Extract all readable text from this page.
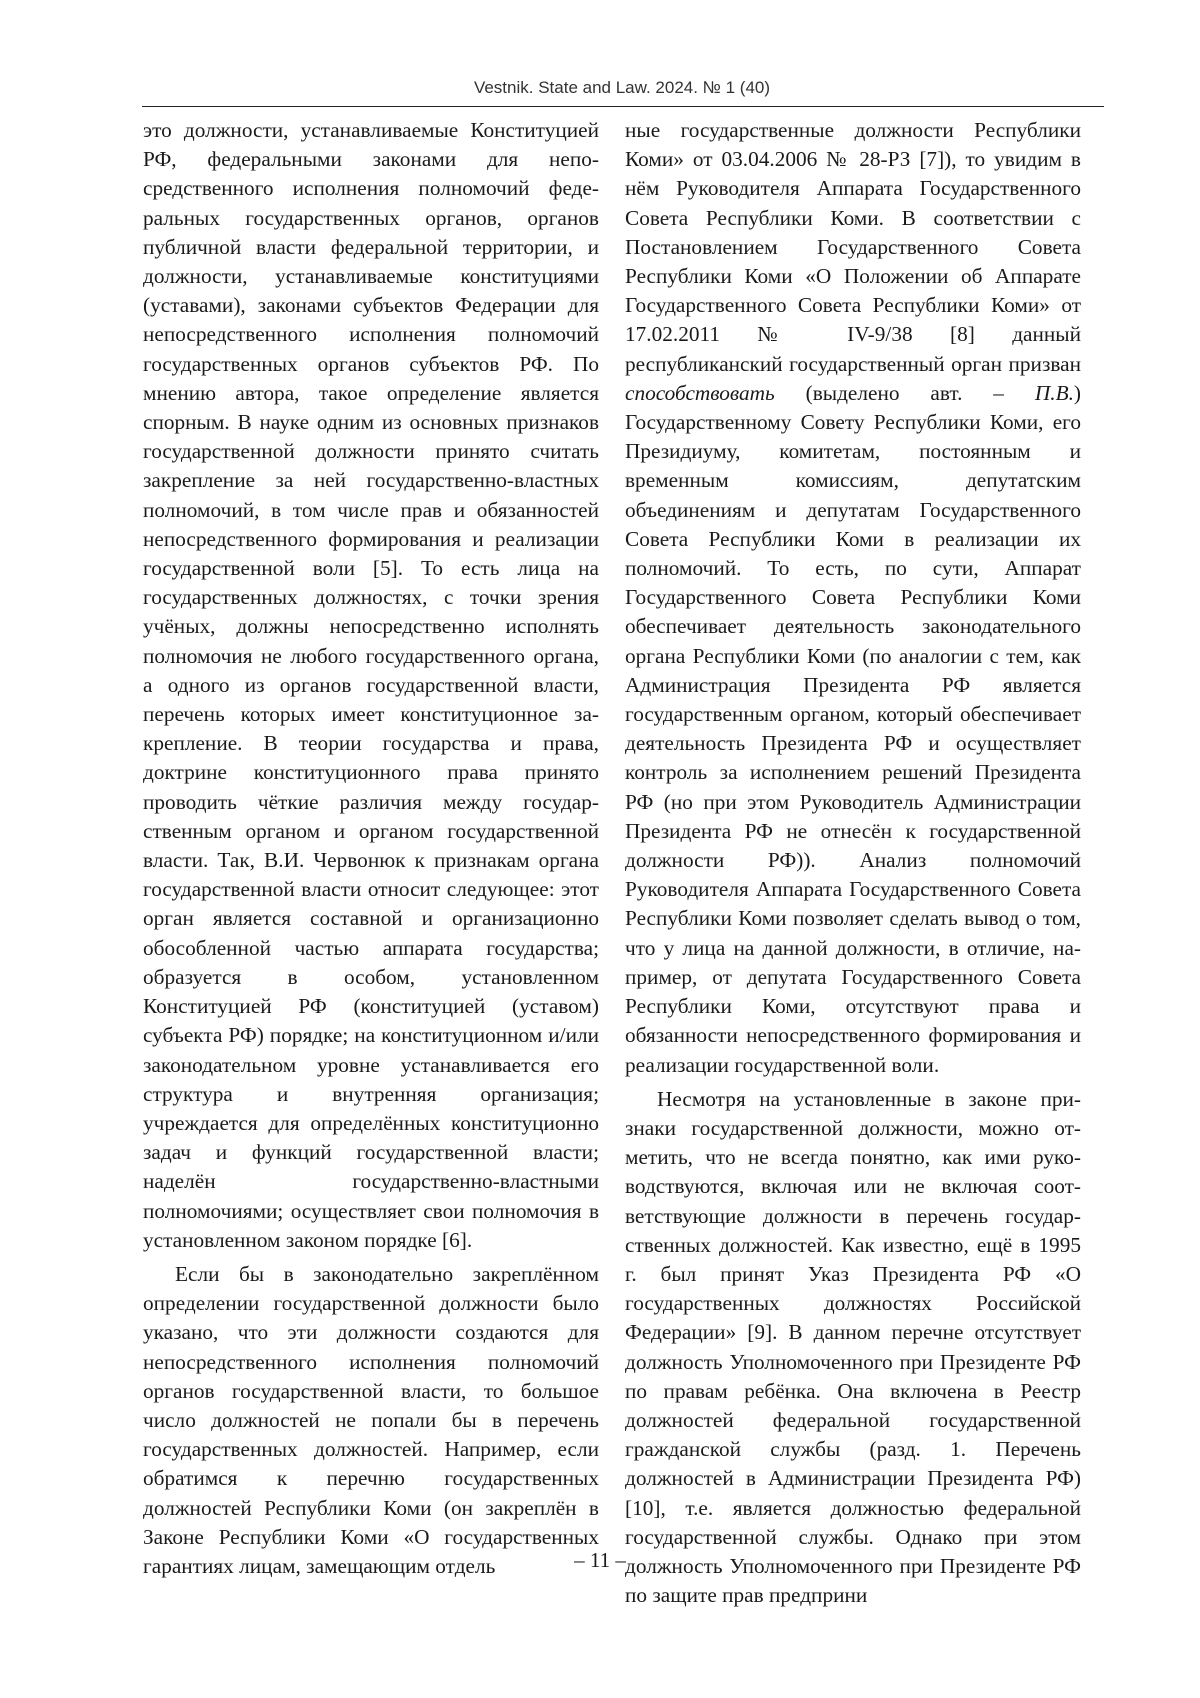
Vestnik. State and Law. 2024. № 1 (40)

это должности, устанавливаемые Конституцией РФ, федеральными законами для непосредственного исполнения полномочий федеральных государственных органов, органов публичной власти федеральной территории, и должности, устанавливаемые конституциями (уставами), законами субъектов Федерации для непосредственного исполнения полномочий государственных органов субъектов РФ. По мнению автора, такое определение является спорным. В науке одним из основных признаков государственной должности принято считать закрепление за ней государственно-властных полномочий, в том числе прав и обязанностей непосредственного формирования и реализации государственной воли [5]. То есть лица на государственных должностях, с точки зрения учёных, должны непосредственно исполнять полномочия не любого государственного органа, а одного из органов государственной власти, перечень которых имеет конституционное закрепление. В теории государства и права, доктрине конституционного права принято проводить чёткие различия между государственным органом и органом государственной власти. Так, В.И. Червонюк к признакам органа государственной власти относит следующее: этот орган является составной и организационно обособленной частью аппарата государства; образуется в особом, установленном Конституцией РФ (конституцией (уставом) субъекта РФ) порядке; на конституционном и/или законодательном уровне устанавливается его структура и внутренняя организация; учреждается для определённых конституционно задач и функций государственной власти; наделён государственно-властными полномочиями; осуществляет свои полномочия в установленном законом порядке [6].

Если бы в законодательно закреплённом определении государственной должности было указано, что эти должности создаются для непосредственного исполнения полномочий органов государственной власти, то большое число должностей не попали бы в перечень государственных должностей. Например, если обратимся к перечню государственных должностей Республики Коми (он закреплён в Законе Республики Коми «О государственных гарантиях лицам, замещающим отдель

ные государственные должности Республики Коми» от 03.04.2006 № 28-РЗ [7]), то увидим в нём Руководителя Аппарата Государственного Совета Республики Коми. В соответствии с Постановлением Государственного Совета Республики Коми «О Положении об Аппарате Государственного Совета Республики Коми» от 17.02.2011 № IV-9/38 [8] данный республиканский государственный орган призван способствовать (выделено авт. – П.В.) Государственному Совету Республики Коми, его Президиуму, комитетам, постоянным и временным комиссиям, депутатским объединениям и депутатам Государственного Совета Республики Коми в реализации их полномочий. То есть, по сути, Аппарат Государственного Совета Республики Коми обеспечивает деятельность законодательного органа Республики Коми (по аналогии с тем, как Администрация Президента РФ является государственным органом, который обеспечивает деятельность Президента РФ и осуществляет контроль за исполнением решений Президента РФ (но при этом Руководитель Администрации Президента РФ не отнесён к государственной должности РФ)). Анализ полномочий Руководителя Аппарата Государственного Совета Республики Коми позволяет сделать вывод о том, что у лица на данной должности, в отличие, например, от депутата Государственного Совета Республики Коми, отсутствуют права и обязанности непосредственного формирования и реализации государственной воли.

Несмотря на установленные в законе признаки государственной должности, можно отметить, что не всегда понятно, как ими руководствуются, включая или не включая соответствующие должности в перечень государственных должностей. Как известно, ещё в 1995 г. был принят Указ Президента РФ «О государственных должностях Российской Федерации» [9]. В данном перечне отсутствует должность Уполномоченного при Президенте РФ по правам ребёнка. Она включена в Реестр должностей федеральной государственной гражданской службы (разд. 1. Перечень должностей в Администрации Президента РФ) [10], т.е. является должностью федеральной государственной службы. Однако при этом должность Уполномоченного при Президенте РФ по защите прав предприни

– 11 –
